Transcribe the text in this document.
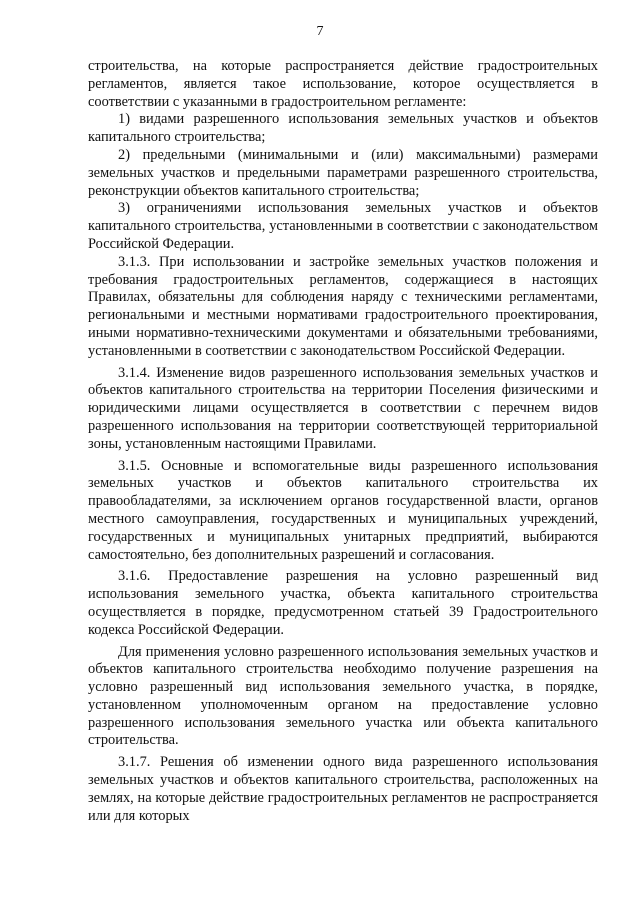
7

строительства, на которые распространяется действие градостроительных регламентов, является такое использование, которое осуществляется в соответствии с указанными в градостроительном регламенте:

1) видами разрешенного использования земельных участков и объектов капитального строительства;

2) предельными (минимальными и (или) максимальными) размерами земельных участков и предельными параметрами разрешенного строительства, реконструкции объектов капитального строительства;

3) ограничениями использования земельных участков и объектов капитального строительства, установленными в соответствии с законодательством Российской Федерации.

3.1.3. При использовании и застройке земельных участков положения и требования градостроительных регламентов, содержащиеся в настоящих Правилах, обязательны для соблюдения наряду с техническими регламентами, региональными и местными нормативами градостроительного проектирования, иными нормативно-техническими документами и обязательными требованиями, установленными в соответствии с законодательством Российской Федерации.

3.1.4. Изменение видов разрешенного использования земельных участков и объектов капитального строительства на территории Поселения физическими и юридическими лицами осуществляется в соответствии с перечнем видов разрешенного использования на территории соответствующей территориальной зоны, установленным настоящими Правилами.

3.1.5. Основные и вспомогательные виды разрешенного использования земельных участков и объектов капитального строительства их правообладателями, за исключением органов государственной власти, органов местного самоуправления, государственных и муниципальных учреждений, государственных и муниципальных унитарных предприятий, выбираются самостоятельно, без дополнительных разрешений и согласования.

3.1.6. Предоставление разрешения на условно разрешенный вид использования земельного участка, объекта капитального строительства осуществляется в порядке, предусмотренном статьей 39 Градостроительного кодекса Российской Федерации.

Для применения условно разрешенного использования земельных участков и объектов капитального строительства необходимо получение разрешения на условно разрешенный вид использования земельного участка, в порядке, установленном уполномоченным органом на предоставление условно разрешенного использования земельного участка или объекта капитального строительства.

3.1.7. Решения об изменении одного вида разрешенного использования земельных участков и объектов капитального строительства, расположенных на землях, на которые действие градостроительных регламентов не распространяется или для которых
